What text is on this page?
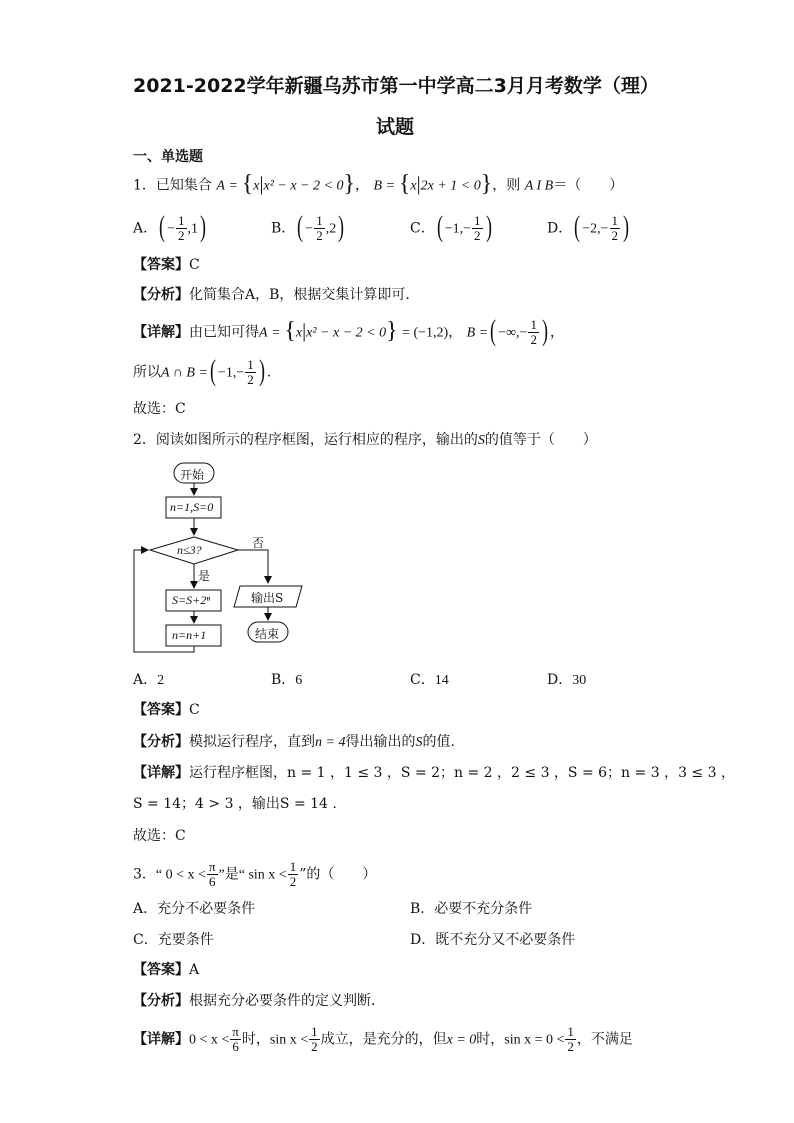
2021-2022学年新疆乌苏市第一中学高二3月月考数学（理）
试题
一、单选题
1．已知集合 A = {x|x² − x − 2 < 0}， B = {x|2x + 1 < 0}，则 A I B＝（　　）
A．( − $\frac{1}{2} ,1$)	B．( − $\frac{1}{2} ,2$)	C．( $-1,- \frac{1}{2}$ )	D．( $-2,- \frac{1}{2}$ )
【答案】C
【分析】化简集合A，B，根据交集计算即可.
【详解】由已知可得A = {x|x² − x − 2 < 0} = (−1,2)， B =( −∞,− $\frac{1}{2}$ ) ，
所以A ∩ B =( $-1,- \frac{1}{2}$ ) .
故选：C
2．阅读如图所示的程序框图，运行相应的程序，输出的S的值等于（　　）
开始
n=1,S=0
n≤3?	否
是
S=S+2ⁿ
n=n+1
输出S
结束
A．2	B．6	C．14	D．30
【答案】C
【分析】模拟运行程序，直到n = 4得出输出的S的值.
【详解】运行程序框图，n = 1 ，1 ≤ 3 ，S = 2；n = 2 ，2 ≤ 3 ，S = 6；n = 3 ，3 ≤ 3 ，
S = 14；4 > 3 ，输出S = 14 .
故选：C
3．“ $0 < x < \frac{\pi}{6}$ ”是“ $\sin x < \frac{1}{2}$ ”的（　　）
A．充分不必要条件	B．必要不充分条件
C．充要条件	D．既不充分又不必要条件
【答案】A
【分析】根据充分必要条件的定义判断．
【详解】$0 < x < \frac{\pi}{6}$ 时，$\sin x < \frac{1}{2}$ 成立，是充分的，但x = 0时，$\sin x = 0 < \frac{1}{2}$ ，不满足
